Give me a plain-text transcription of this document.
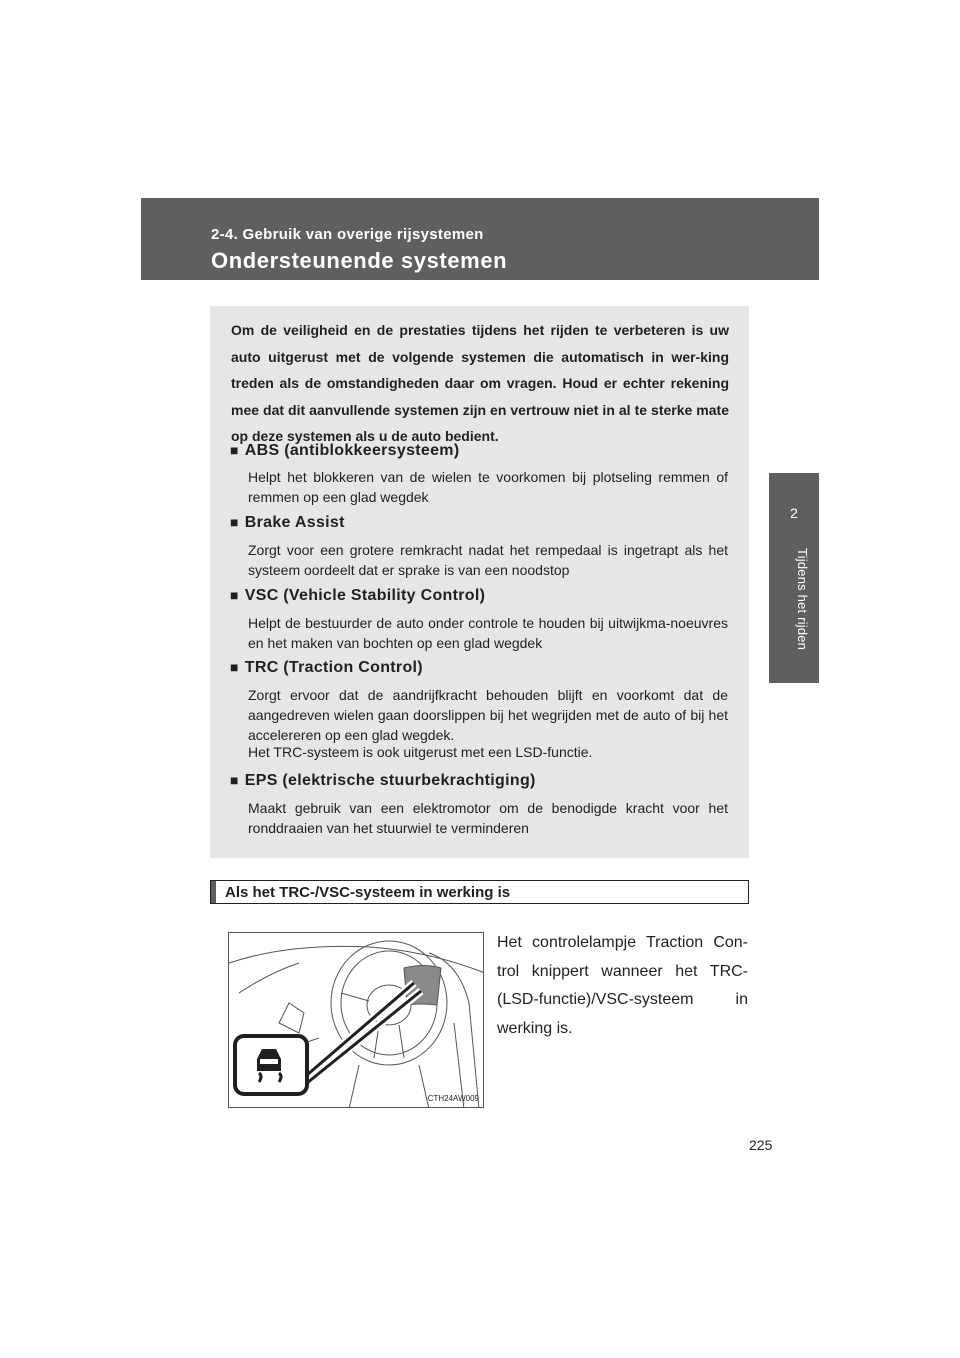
2-4. Gebruik van overige rijsystemen
Ondersteunende systemen
2
Tijdens het rijden
Om de veiligheid en de prestaties tijdens het rijden te verbeteren is uw auto uitgerust met de volgende systemen die automatisch in wer-king treden als de omstandigheden daar om vragen. Houd er echter rekening mee dat dit aanvullende systemen zijn en vertrouw niet in al te sterke mate op deze systemen als u de auto bedient.
■ ABS (antiblokkeersysteem)
Helpt het blokkeren van de wielen te voorkomen bij plotseling remmen of remmen op een glad wegdek
■ Brake Assist
Zorgt voor een grotere remkracht nadat het rempedaal is ingetrapt als het systeem oordeelt dat er sprake is van een noodstop
■ VSC (Vehicle Stability Control)
Helpt de bestuurder de auto onder controle te houden bij uitwijkma-noeuvres en het maken van bochten op een glad wegdek
■ TRC (Traction Control)
Zorgt ervoor dat de aandrijfkracht behouden blijft en voorkomt dat de aangedreven wielen gaan doorslippen bij het wegrijden met de auto of bij het accelereren op een glad wegdek.
Het TRC-systeem is ook uitgerust met een LSD-functie.
■ EPS (elektrische stuurbekrachtiging)
Maakt gebruik van een elektromotor om de benodigde kracht voor het ronddraaien van het stuurwiel te verminderen
Als het TRC-/VSC-systeem in werking is
Het controlelampje Traction Con-trol knippert wanneer het TRC-(LSD-functie)/VSC-systeem in werking is.
CTH24AW009
225
